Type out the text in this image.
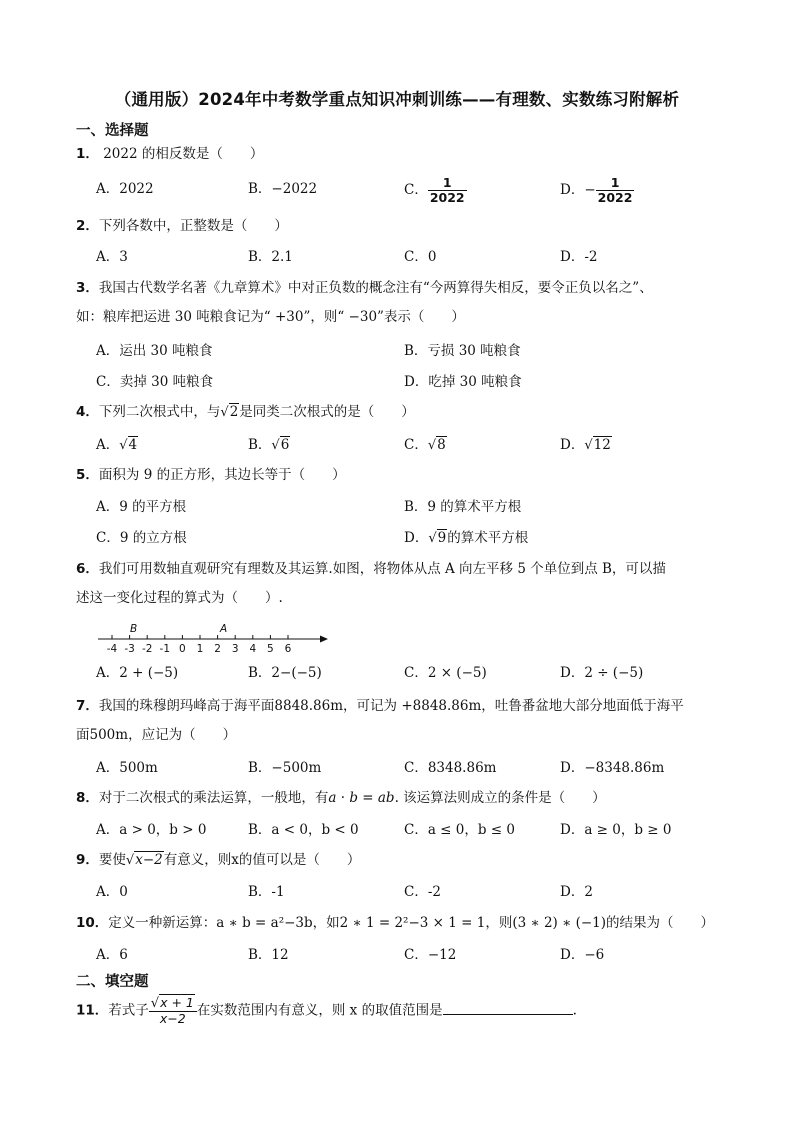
（通用版）2024年中考数学重点知识冲刺训练——有理数、实数练习附解析
一、选择题
1． 2022 的相反数是（　　）
A．2022	B．−2022	C． $\frac{1}{2022}$	D．− $\frac{1}{2022}$
2．下列各数中，正整数是（　　）
A．3	B．2.1	C．0	D．-2
3．我国古代数学名著《九章算术》中对正负数的概念注有“今两算得失相反，要令正负以名之”、
如：粮库把运进 30 吨粮食记为“ +30”，则“ −30”表示（　　）
A．运出 30 吨粮食	B．亏损 30 吨粮食
C．卖掉 30 吨粮食	D．吃掉 30 吨粮食
4．下列二次根式中，与√2是同类二次根式的是（　　）
A．√4	B．√6	C．√8	D．√12
5．面积为 9 的正方形，其边长等于（　　）
A．9 的平方根	B．9 的算术平方根
C．9 的立方根	D．√9的算术平方根
6．我们可用数轴直观研究有理数及其运算.如图，将物体从点 A 向左平移 5 个单位到点 B，可以描
述这一变化过程的算式为（　　）.
-4 -3 -2 -1 0 1 2 3 4 5 6
B	A
A．2 + (−5)	B．2−(−5)	C．2 × (−5)	D．2 ÷ (−5)
7．我国的珠穆朗玛峰高于海平面8848.86m，可记为 +8848.86m，吐鲁番盆地大部分地面低于海平
面500m，应记为（　　）
A．500m	B．−500m	C．8348.86m	D．−8348.86m
8．对于二次根式的乘法运算，一般地，有a · b = ab. 该运算法则成立的条件是（　　）
A．a > 0，b > 0	B．a < 0，b < 0	C．a ≤ 0，b ≤ 0	D．a ≥ 0，b ≥ 0
9．要使√x−2有意义，则x的值可以是（　　）
A．0	B．-1	C．-2	D．2
10．定义一种新运算：a ∗ b = a²−3b，如2 ∗ 1 = 2²−3 × 1 = 1，则(3 ∗ 2) ∗ (−1)的结果为（　　）
A．6	B．12	C．−12	D．−6
二、填空题
11．若式子 $\frac{√x + 1}{x-2}$ 在实数范围内有意义，则 x 的取值范围是	.
